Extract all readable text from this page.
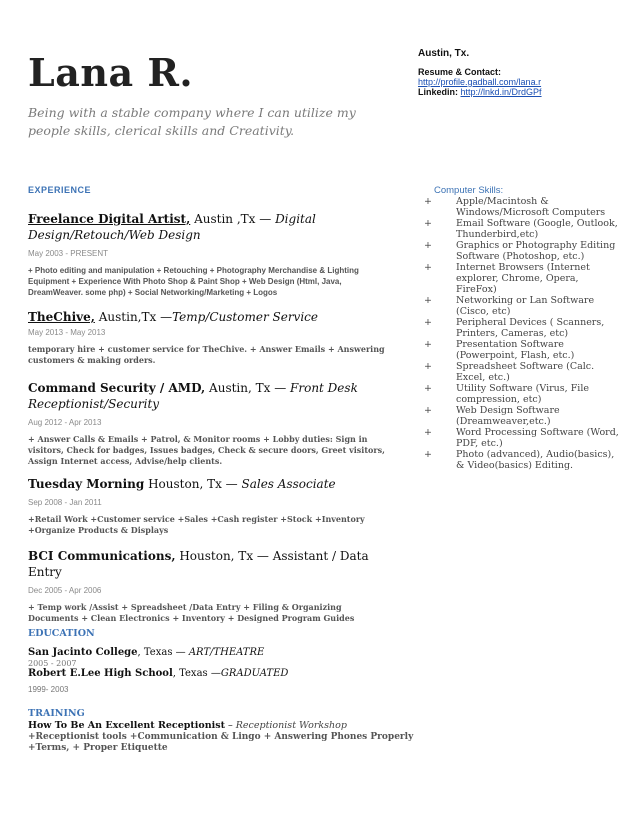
Lana R.
Being with a stable company where I can utilize my people skills, clerical skills and Creativity.
Austin, Tx.
Resume & Contact:
http://profile.gadball.com/lana.r
Linkedin: http://lnkd.in/DrdGPf
EXPERIENCE
Freelance Digital Artist, Austin ,Tx — Digital Design/Retouch/Web Design
May 2003 - PRESENT
+ Photo editing and manipulation + Retouching + Photography Merchandise & Lighting Equipment + Experience With Photo Shop & Paint Shop + Web Design (Html, Java, DreamWeaver. some php) + Social Networking/Marketing + Logos
TheChive, Austin,Tx —Temp/Customer Service
May 2013 - May 2013
temporary hire + customer service for TheChive. + Answer Emails + Answering customers & making orders.
Command Security / AMD, Austin, Tx — Front Desk Receptionist/Security
Aug 2012 - Apr 2013
+ Answer Calls & Emails + Patrol, & Monitor rooms + Lobby duties: Sign in visitors, Check for badges, Issues badges, Check & secure doors, Greet visitors, Assign Internet access, Advise/help clients.
Tuesday Morning Houston, Tx — Sales Associate
Sep 2008 - Jan 2011
+Retail Work +Customer service +Sales +Cash register +Stock +Inventory +Organize Products & Displays
BCI Communications, Houston, Tx — Assistant / Data Entry
Dec 2005 - Apr 2006
+ Temp work /Assist + Spreadsheet /Data Entry + Filing & Organizing Documents + Clean Electronics + Inventory + Designed Program Guides
Computer Skills:
+	Apple/Macintosh & Windows/Microsoft Computers
+	Email Software (Google, Outlook, Thunderbird,etc)
+	Graphics or Photography Editing Software (Photoshop, etc.)
+	Internet Browsers (Internet explorer, Chrome, Opera, FireFox)
+	Networking or Lan Software (Cisco, etc)
+	Peripheral Devices ( Scanners, Printers, Cameras, etc)
+	Presentation Software (Powerpoint, Flash, etc.)
+	Spreadsheet Software (Calc. Excel, etc.)
+	Utility Software (Virus, File compression, etc)
+	Web Design Software (Dreamweaver,etc.)
+	Word Processing Software (Word, PDF, etc.)
+	Photo (advanced), Audio(basics), & Video(basics) Editing.
EDUCATION
San Jacinto College, Texas — ART/THEATRE
2005 - 2007
Robert E.Lee High School, Texas —GRADUATED
1999- 2003
TRAINING
How To Be An Excellent Receptionist – Receptionist Workshop
+Receptionist tools +Communication & Lingo + Answering Phones Properly +Terms, + Proper Etiquette
